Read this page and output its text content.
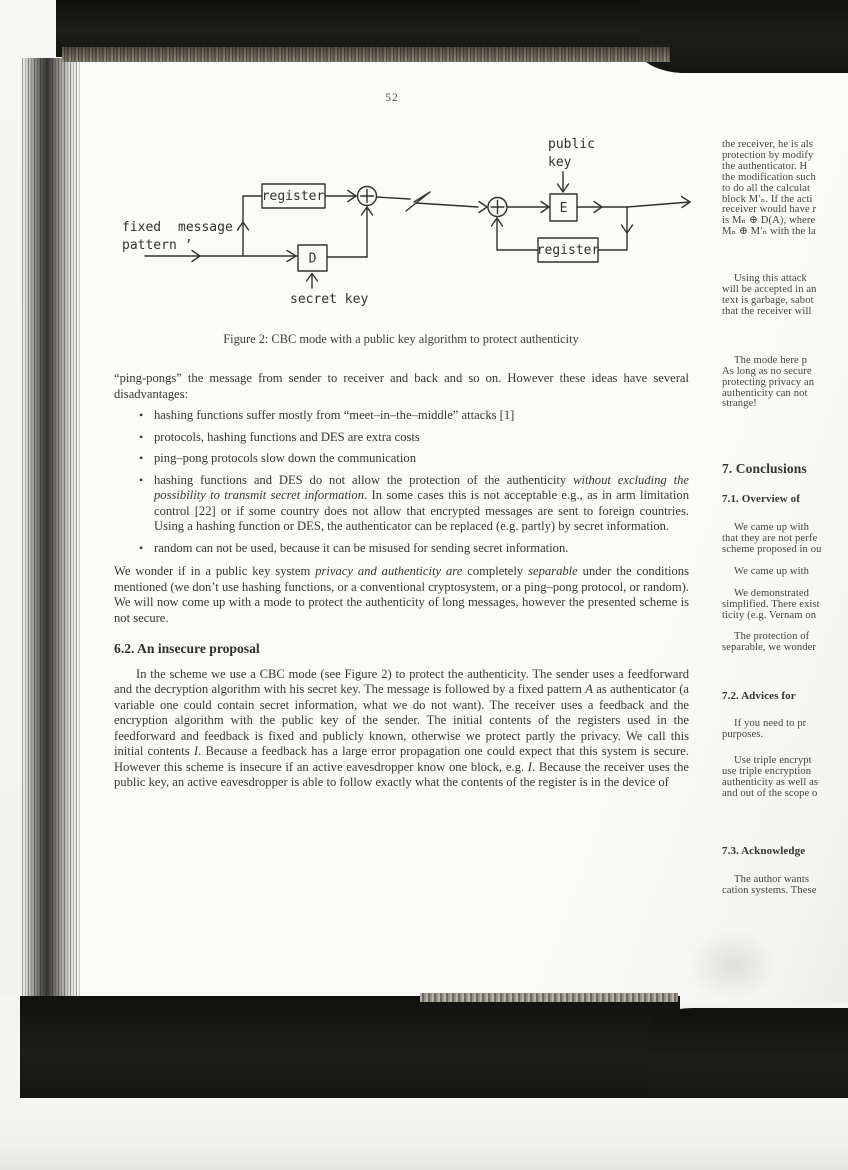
52
register
D
fixed
pattern ’
message
secret key
E
public
key
register
Figure 2: CBC mode with a public key algorithm to protect authenticity
“ping-pongs” the message from sender to receiver and back and so on. However these ideas have several disadvantages:
• hashing functions suffer mostly from “meet–in–the–middle” attacks [1]
• protocols, hashing functions and DES are extra costs
• ping–pong protocols slow down the communication
• hashing functions and DES do not allow the protection of the authenticity without excluding the possibility to transmit secret information. In some cases this is not acceptable e.g., as in arm limitation control [22] or if some country does not allow that encrypted messages are sent to foreign countries. Using a hashing function or DES, the authenticator can be replaced (e.g. partly) by secret information.
• random can not be used, because it can be misused for sending secret information.
We wonder if in a public key system privacy and authenticity are completely separable under the conditions mentioned (we don’t use hashing functions, or a conventional cryptosystem, or a ping–pong protocol, or random). We will now come up with a mode to protect the authenticity of long messages, however the presented scheme is not secure.
6.2. An insecure proposal
In the scheme we use a CBC mode (see Figure 2) to protect the authenticity. The sender uses a feedforward and the decryption algorithm with his secret key. The message is followed by a fixed pattern A as authenticator (a variable one could contain secret information, what we do not want). The receiver uses a feedback and the encryption algorithm with the public key of the sender. The initial contents of the registers used in the feedforward and feedback is fixed and publicly known, otherwise we protect partly the privacy. We call this initial contents I. Because a feedback has a large error propagation one could expect that this system is secure. However this scheme is insecure if an active eavesdropper know one block, e.g. I. Because the receiver uses the public key, an active eavesdropper is able to follow exactly what the contents of the register is in the device of
the receiver, he is als
protection by modify
the authenticator. H
the modification such
to do all the calculat
block M′ₙ. If the acti
receiver would have r
is Mₙ ⊕ D(A), where
Mₙ ⊕ M′ₙ with the la
Using this attack
will be accepted in an
text is garbage, sabot
that the receiver will
The mode here p
As long as no secure
protecting privacy an
authenticity can not
strange!
7. Conclusions
7.1. Overview of
We came up with
that they are not perfe
scheme proposed in ou
We came up with
We demonstrated
simplified. There exist
ticity (e.g. Vernam on
The protection of
separable, we wonder
7.2. Advices for
If you need to pr
purposes.
Use triple encrypt
use triple encryption
authenticity as well as
and out of the scope o
7.3. Acknowledge
The author wants
cation systems. These
